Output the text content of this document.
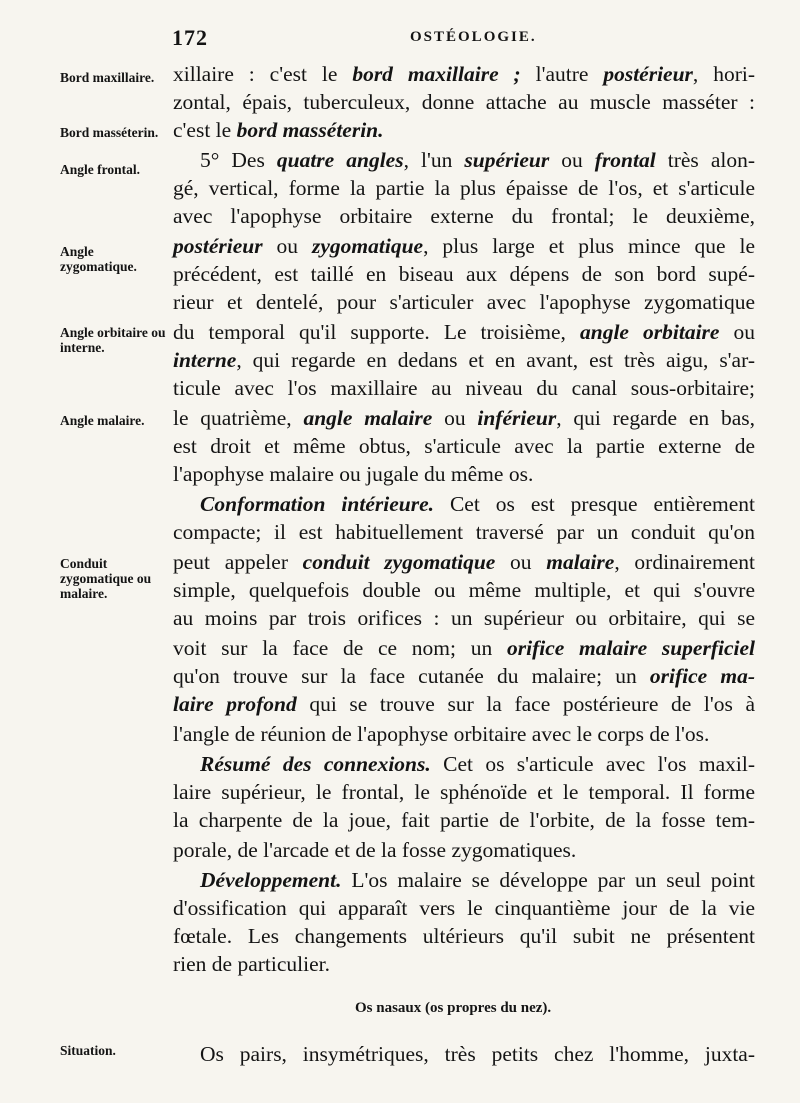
172	OSTÉOLOGIE.
Bord maxillaire.
Bord masséterin.
Angle frontal.
Angle zygomatique.
Angle orbitaire ou interne.
Angle malaire.
Conduit zygomatique ou malaire.
Situation.
xillaire : c'est le bord maxillaire ; l'autre postérieur, hori-
zontal, épais, tuberculeux, donne attache au muscle masséter :
c'est le bord masséterin.
5° Des quatre angles, l'un supérieur ou frontal très alon-
gé, vertical, forme la partie la plus épaisse de l'os, et s'articule
avec l'apophyse orbitaire externe du frontal; le deuxième,
postérieur ou zygomatique, plus large et plus mince que le
précédent, est taillé en biseau aux dépens de son bord supé-
rieur et dentelé, pour s'articuler avec l'apophyse zygomatique
du temporal qu'il supporte. Le troisième, angle orbitaire ou
interne, qui regarde en dedans et en avant, est très aigu, s'ar-
ticule avec l'os maxillaire au niveau du canal sous-orbitaire;
le quatrième, angle malaire ou inférieur, qui regarde en bas,
est droit et même obtus, s'articule avec la partie externe de
l'apophyse malaire ou jugale du même os.
Conformation intérieure. Cet os est presque entièrement
compacte; il est habituellement traversé par un conduit qu'on
peut appeler conduit zygomatique ou malaire, ordinairement
simple, quelquefois double ou même multiple, et qui s'ouvre
au moins par trois orifices : un supérieur ou orbitaire, qui se
voit sur la face de ce nom; un orifice malaire superficiel
qu'on trouve sur la face cutanée du malaire; un orifice ma-
laire profond qui se trouve sur la face postérieure de l'os à
l'angle de réunion de l'apophyse orbitaire avec le corps de l'os.
Résumé des connexions. Cet os s'articule avec l'os maxil-
laire supérieur, le frontal, le sphénoïde et le temporal. Il forme
la charpente de la joue, fait partie de l'orbite, de la fosse tem-
porale, de l'arcade et de la fosse zygomatiques.
Développement. L'os malaire se développe par un seul point
d'ossification qui apparaît vers le cinquantième jour de la vie
fœtale. Les changements ultérieurs qu'il subit ne présentent
rien de particulier.
Os pairs, insymétriques, très petits chez l'homme, juxta-
Os nasaux (os propres du nez).
